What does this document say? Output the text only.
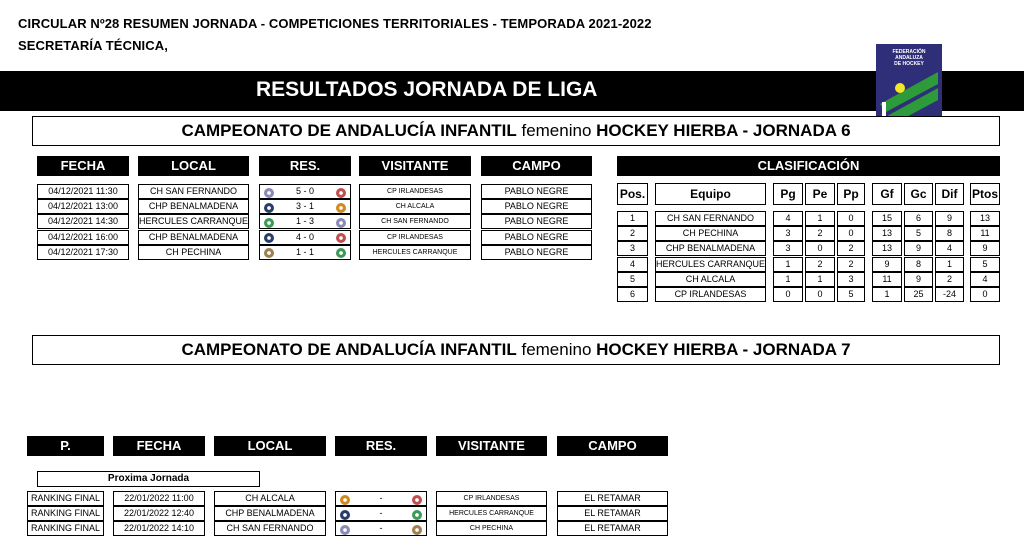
CIRCULAR Nº28 RESUMEN JORNADA - COMPETICIONES TERRITORIALES - TEMPORADA 2021-2022
SECRETARÍA TÉCNICA,
RESULTADOS JORNADA DE LIGA
FEDERACIÓN
ANDALUZA
DE HOCKEY
CAMPEONATO DE ANDALUCÍA INFANTIL femenino HOCKEY HIERBA - JORNADA 6
FECHA	LOCAL	RES.	VISITANTE	CAMPO
04/12/2021 11:30	CH SAN FERNANDO	5 - 0	CP IRLANDESAS	PABLO NEGRE
04/12/2021 13:00	CHP BENALMADENA	3 - 1	CH ALCALA	PABLO NEGRE
04/12/2021 14:30	HERCULES CARRANQUE	1 - 3	CH SAN FERNANDO	PABLO NEGRE
04/12/2021 16:00	CHP BENALMADENA	4 - 0	CP IRLANDESAS	PABLO NEGRE
04/12/2021 17:30	CH PECHINA	1 - 1	HERCULES CARRANQUE	PABLO NEGRE
CLASIFICACIÓN
Pos.	Equipo	Pg	Pe	Pp	Gf	Gc	Dif	Ptos
1	CH SAN FERNANDO	4	1	0	15	6	9	13
2	CH PECHINA	3	2	0	13	5	8	11
3	CHP BENALMADENA	3	0	2	13	9	4	9
4	HERCULES CARRANQUE	1	2	2	9	8	1	5
5	CH ALCALA	1	1	3	11	9	2	4
6	CP IRLANDESAS	0	0	5	1	25	-24	0
CAMPEONATO DE ANDALUCÍA INFANTIL femenino HOCKEY HIERBA - JORNADA 7
P.	FECHA	LOCAL	RES.	VISITANTE	CAMPO
Proxima Jornada
RANKING FINAL	22/01/2022 11:00	CH ALCALA	-	CP IRLANDESAS	EL RETAMAR
RANKING FINAL	22/01/2022 12:40	CHP BENALMADENA	-	HERCULES CARRANQUE	EL RETAMAR
RANKING FINAL	22/01/2022 14:10	CH SAN FERNANDO	-	CH PECHINA	EL RETAMAR
